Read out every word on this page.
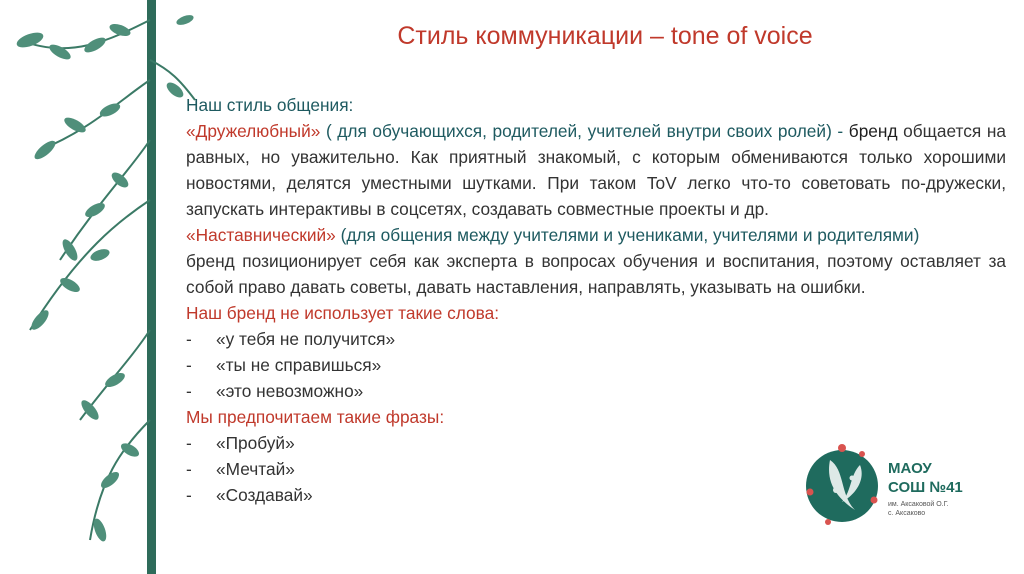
Стиль коммуникации – tone of voice

Наш стиль общения:

«Дружелюбный» ( для обучающихся, родителей, учителей внутри своих ролей) - бренд общается на равных, но уважительно. Как приятный знакомый, с которым обмениваются только хорошими новостями, делятся уместными шутками. При таком ToV легко что-то советовать по-дружески, запускать интерактивы в соцсетях, создавать совместные проекты и др.

«Наставнический» (для общения между учителями и учениками, учителями и родителями)

бренд позиционирует себя как эксперта в вопросах обучения и воспитания, поэтому оставляет за собой право давать советы, давать наставления, направлять, указывать на ошибки.

Наш бренд не использует такие слова:

-	«у тебя не получится»
-	«ты не справишься»
-	«это невозможно»

Мы предпочитаем такие фразы:

-	«Пробуй»
-	«Мечтай»
-	«Создавай»
МАОУ
СОШ №41
им. Аксаковой О.Г.
с. Аксаково
